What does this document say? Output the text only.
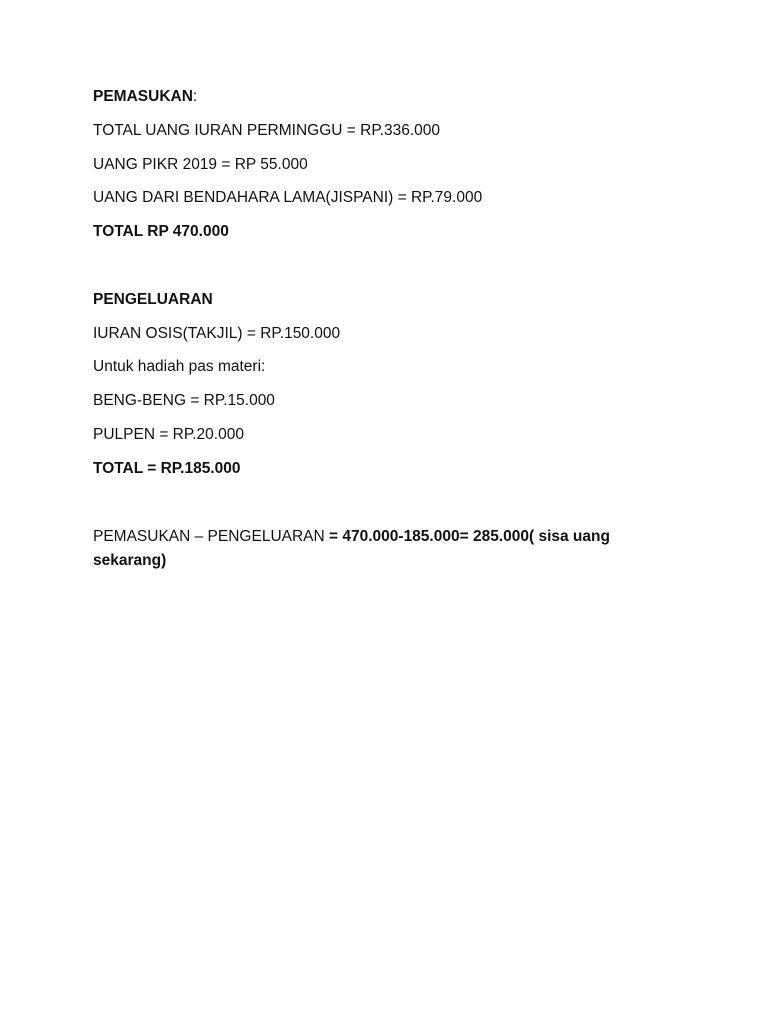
PEMASUKAN:
TOTAL UANG IURAN PERMINGGU = RP.336.000
UANG PIKR 2019 = RP 55.000
UANG DARI BENDAHARA LAMA(JISPANI) = RP.79.000
TOTAL RP 470.000
PENGELUARAN
IURAN OSIS(TAKJIL) = RP.150.000
Untuk hadiah pas materi:
BENG-BENG = RP.15.000
PULPEN = RP.20.000
TOTAL = RP.185.000
PEMASUKAN – PENGELUARAN = 470.000-185.000= 285.000( sisa uang sekarang)
